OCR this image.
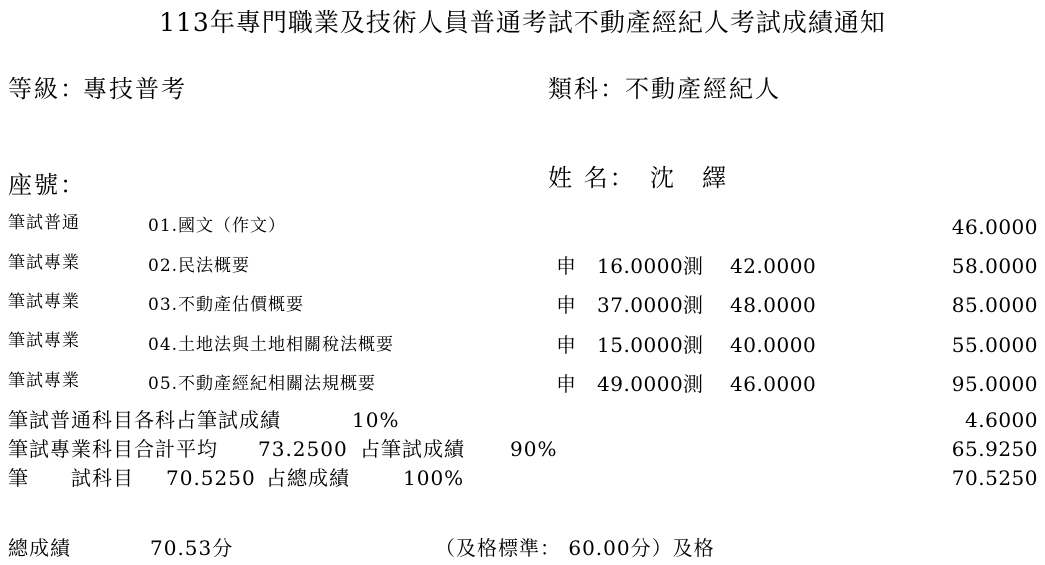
113年專門職業及技術人員普通考試不動產經紀人考試成績通知
等級：
專技普考	類科： 不動產經紀人
座號：	姓 名： 沈　繹
筆試普通	01.國文（作文）	46.0000
筆試專業	02.民法概要	申 16.0000 測 42.0000	58.0000
筆試專業	03.不動產估價概要	申 37.0000 測 48.0000	85.0000
筆試專業	04.土地法與土地相關稅法概要	申 15.0000 測 40.0000	55.0000
筆試專業	05.不動產經紀相關法規概要	申 49.0000 測 46.0000	95.0000
筆試普通科目各科占筆試成績	10%	4.6000
筆試專業科目合計平均 73.2500 占筆試成績 90%	65.9250
筆　　試科目 70.5250 占總成績	100%	70.5250
總成績	70.53分	（及格標準： 60.00分）及格
